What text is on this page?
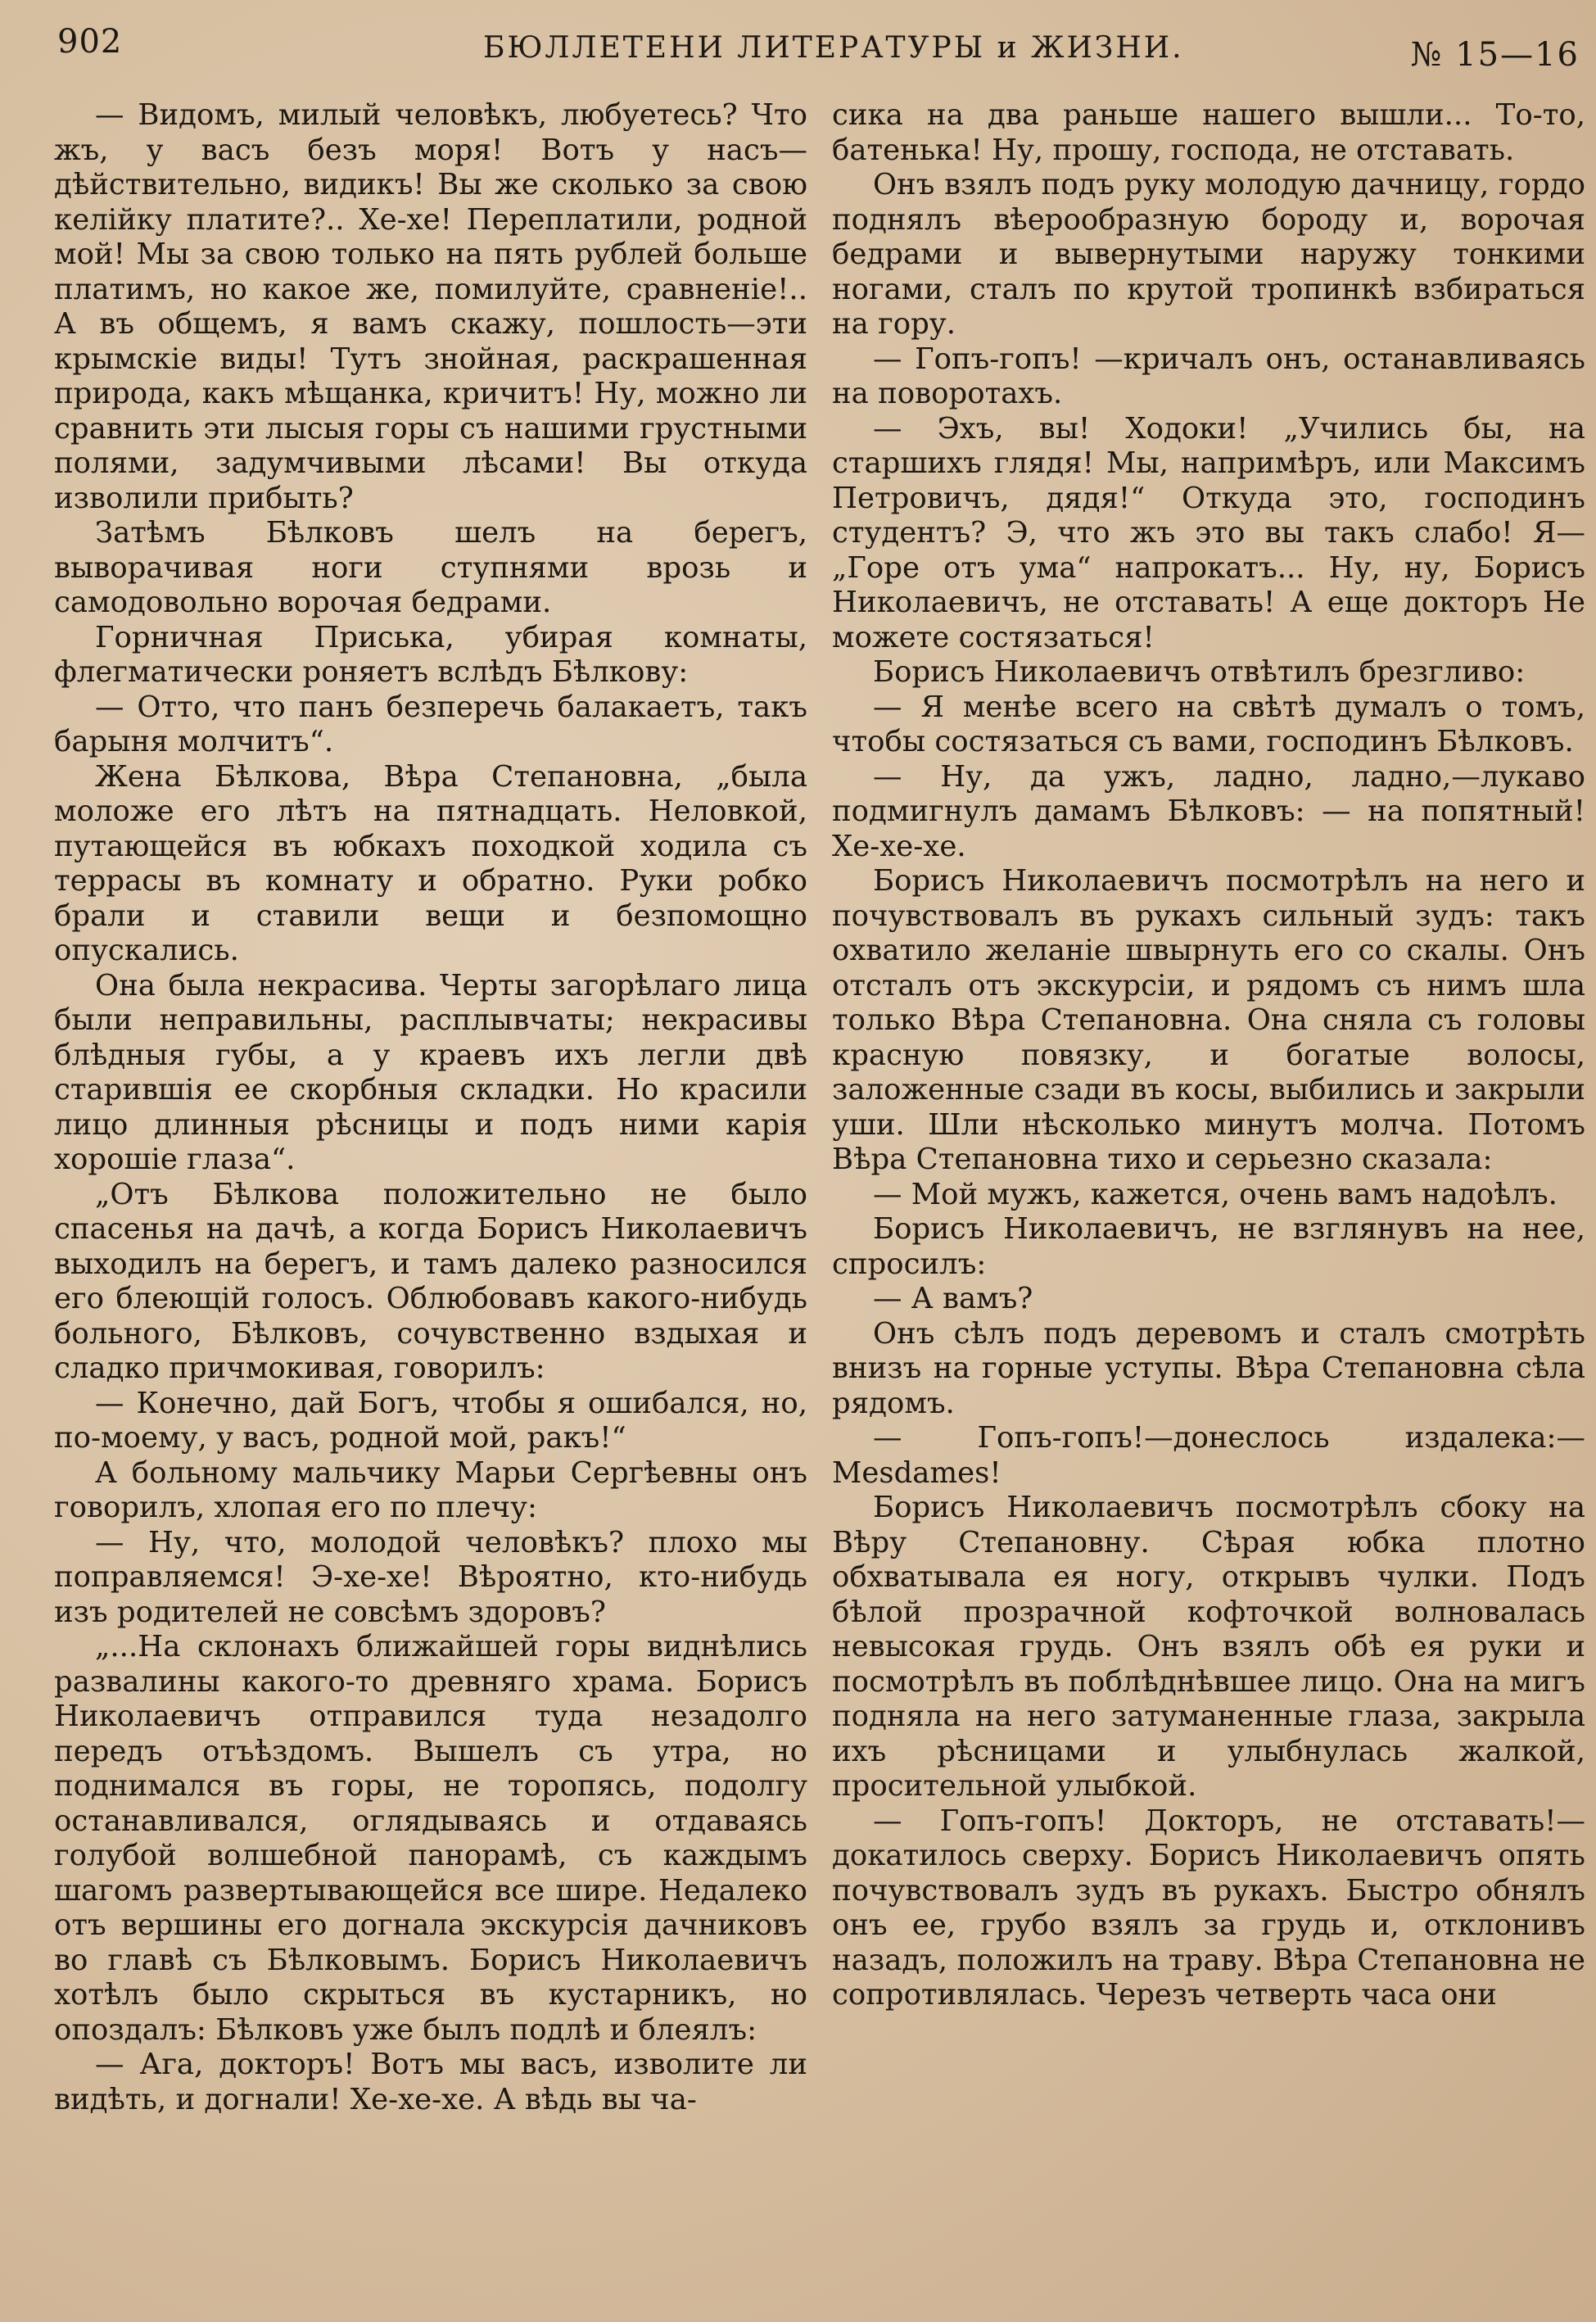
902	БЮЛЛЕТЕНИ ЛИТЕРАТУРЫ и ЖИЗНИ.	№ 15—16

— Видомъ, милый человѣкъ, любуетесь? Что жъ, у васъ безъ моря! Вотъ у насъ— дѣйствительно, видикъ! Вы же сколько за свою келійку платите?.. Хе-хе! Переплатили, родной мой! Мы за свою только на пять рублей больше платимъ, но какое же, помилуйте, сравненіе!.. А въ общемъ, я вамъ скажу, пошлость—эти крымскіе виды! Тутъ знойная, раскрашенная природа, какъ мѣщанка, кричитъ! Ну, можно ли сравнить эти лысыя горы съ нашими грустными полями, задумчивыми лѣсами! Вы откуда изволили прибыть?

Затѣмъ Бѣлковъ шелъ на берегъ, выворачивая ноги ступнями врозь и самодовольно ворочая бедрами.

Горничная Приська, убирая комнаты, флегматически роняетъ вслѣдъ Бѣлкову:

— Отто, что панъ безперечь балакаетъ, такъ барыня молчитъ“.

Жена Бѣлкова, Вѣра Степановна, „была моложе его лѣтъ на пятнадцать. Неловкой, путающейся въ юбкахъ походкой ходила съ террасы въ комнату и обратно. Руки робко брали и ставили вещи и безпомощно опускались.

Она была некрасива. Черты загорѣлаго лица были неправильны, расплывчаты; некрасивы блѣдныя губы, а у краевъ ихъ легли двѣ старившія ее скорбныя складки. Но красили лицо длинныя рѣсницы и подъ ними карія хорошіе глаза“.

„Отъ Бѣлкова положительно не было спасенья на дачѣ, а когда Борисъ Николаевичъ выходилъ на берегъ, и тамъ далеко разносился его блеющій голосъ. Облюбовавъ какого-нибудь больного, Бѣлковъ, сочувственно вздыхая и сладко причмокивая, говорилъ:

— Конечно, дай Богъ, чтобы я ошибался, но, по-моему, у васъ, родной мой, ракъ!“

А больному мальчику Марьи Сергѣевны онъ говорилъ, хлопая его по плечу:

— Ну, что, молодой человѣкъ? плохо мы поправляемся! Э-хе-хе! Вѣроятно, кто-нибудь изъ родителей не совсѣмъ здоровъ?

„...На склонахъ ближайшей горы виднѣлись развалины какого-то древняго храма. Борисъ Николаевичъ отправился туда незадолго передъ отъѣздомъ. Вышелъ съ утра, но поднимался въ горы, не торопясь, подолгу останавливался, оглядываясь и отдаваясь голубой волшебной панорамѣ, съ каждымъ шагомъ развертывающейся все шире. Недалеко отъ вершины его догнала экскурсія дачниковъ во главѣ съ Бѣлковымъ. Борисъ Николаевичъ хотѣлъ было скрыться въ кустарникъ, но опоздалъ: Бѣлковъ уже былъ подлѣ и блеялъ:

— Ага, докторъ! Вотъ мы васъ, изволите ли видѣть, и догнали! Хе-хе-хе. А вѣдь вы ча-

сика на два раньше нашего вышли... То-то, батенька! Ну, прошу, господа, не отставать.

Онъ взялъ подъ руку молодую дачницу, гордо поднялъ вѣерообразную бороду и, ворочая бедрами и вывернутыми наружу тонкими ногами, сталъ по крутой тропинкѣ взбираться на гору.

— Гопъ-гопъ! —кричалъ онъ, останавливаясь на поворотахъ.

— Эхъ, вы! Ходоки! „Учились бы, на старшихъ глядя! Мы, напримѣръ, или Максимъ Петровичъ, дядя!“ Откуда это, господинъ студентъ? Э, что жъ это вы такъ слабо! Я— „Горе отъ ума“ напрокатъ... Ну, ну, Борисъ Николаевичъ, не отставать! А еще докторъ Не можете состязаться!

Борисъ Николаевичъ отвѣтилъ брезгливо:

— Я менѣе всего на свѣтѣ думалъ о томъ, чтобы состязаться съ вами, господинъ Бѣлковъ.

— Ну, да ужъ, ладно, ладно,—лукаво подмигнулъ дамамъ Бѣлковъ: — на попятный! Хе-хе-хе.

Борисъ Николаевичъ посмотрѣлъ на него и почувствовалъ въ рукахъ сильный зудъ: такъ охватило желаніе швырнуть его со скалы. Онъ отсталъ отъ экскурсіи, и рядомъ съ нимъ шла только Вѣра Степановна. Она сняла съ головы красную повязку, и богатые волосы, заложенные сзади въ косы, выбились и закрыли уши. Шли нѣсколько минутъ молча. Потомъ Вѣра Степановна тихо и серьезно сказала:

— Мой мужъ, кажется, очень вамъ надоѣлъ.

Борисъ Николаевичъ, не взглянувъ на нее, спросилъ:

— А вамъ?

Онъ сѣлъ подъ деревомъ и сталъ смотрѣть внизъ на горные уступы. Вѣра Степановна сѣла рядомъ.

— Гопъ-гопъ!—донеслось издалека:—Mesdames!

Борисъ Николаевичъ посмотрѣлъ сбоку на Вѣру Степановну. Сѣрая юбка плотно обхватывала ея ногу, открывъ чулки. Подъ бѣлой прозрачной кофточкой волновалась невысокая грудь. Онъ взялъ обѣ ея руки и посмотрѣлъ въ поблѣднѣвшее лицо. Она на мигъ подняла на него затуманенные глаза, закрыла ихъ рѣсницами и улыбнулась жалкой, просительной улыбкой.

— Гопъ-гопъ! Докторъ, не отставать!—докатилось сверху. Борисъ Николаевичъ опять почувствовалъ зудъ въ рукахъ. Быстро обнялъ онъ ее, грубо взялъ за грудь и, отклонивъ назадъ, положилъ на траву. Вѣра Степановна не сопротивлялась. Черезъ четверть часа они
